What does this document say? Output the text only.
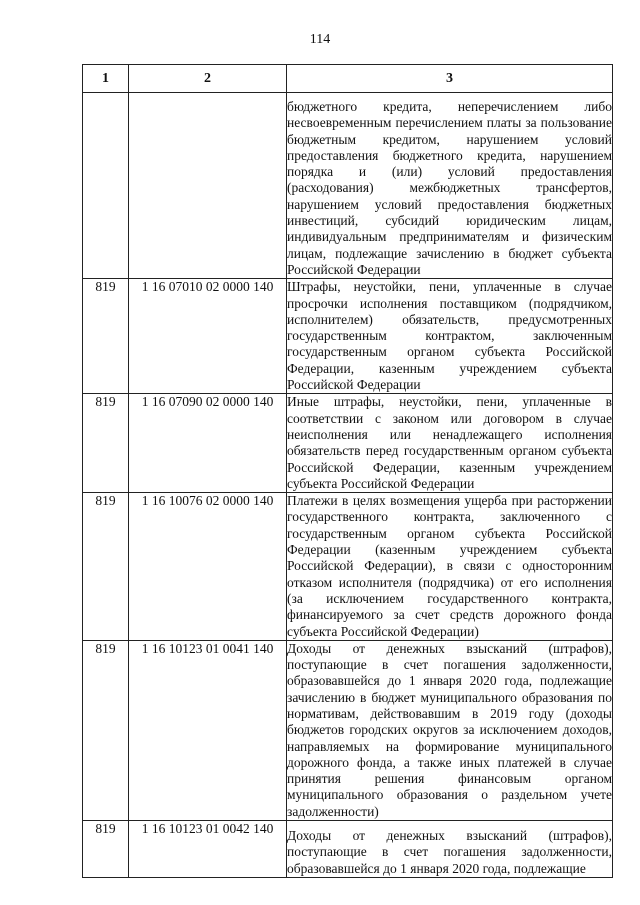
114
1	2	3
		бюджетного кредита, неперечислением либо несвоевременным перечислением платы за пользование бюджетным кредитом, нарушением условий предоставления бюджетного кредита, нарушением порядка и (или) условий предоставления (расходования) межбюджетных трансфертов, нарушением условий предоставления бюджетных инвестиций, субсидий юридическим лицам, индивидуальным предпринимателям и физическим лицам, подлежащие зачислению в бюджет субъекта Российской Федерации
819	1 16 07010 02 0000 140	Штрафы, неустойки, пени, уплаченные в случае просрочки исполнения поставщиком (подрядчиком, исполнителем) обязательств, предусмотренных государственным контрактом, заключенным государственным органом субъекта Российской Федерации, казенным учреждением субъекта Российской Федерации
819	1 16 07090 02 0000 140	Иные штрафы, неустойки, пени, уплаченные в соответствии с законом или договором в случае неисполнения или ненадлежащего исполнения обязательств перед государственным органом субъекта Российской Федерации, казенным учреждением субъекта Российской Федерации
819	1 16 10076 02 0000 140	Платежи в целях возмещения ущерба при расторжении государственного контракта, заключенного с государственным органом субъекта Российской Федерации (казенным учреждением субъекта Российской Федерации), в связи с односторонним отказом исполнителя (подрядчика) от его исполнения (за исключением государственного контракта, финансируемого за счет средств дорожного фонда субъекта Российской Федерации)
819	1 16 10123 01 0041 140	Доходы от денежных взысканий (штрафов), поступающие в счет погашения задолженности, образовавшейся до 1 января 2020 года, подлежащие зачислению в бюджет муниципального образования по нормативам, действовавшим в 2019 году (доходы бюджетов городских округов за исключением доходов, направляемых на формирование муниципального дорожного фонда, а также иных платежей в случае принятия решения финансовым органом муниципального образования о раздельном учете задолженности)
819	1 16 10123 01 0042 140	Доходы от денежных взысканий (штрафов), поступающие в счет погашения задолженности, образовавшейся до 1 января 2020 года, подлежащие
